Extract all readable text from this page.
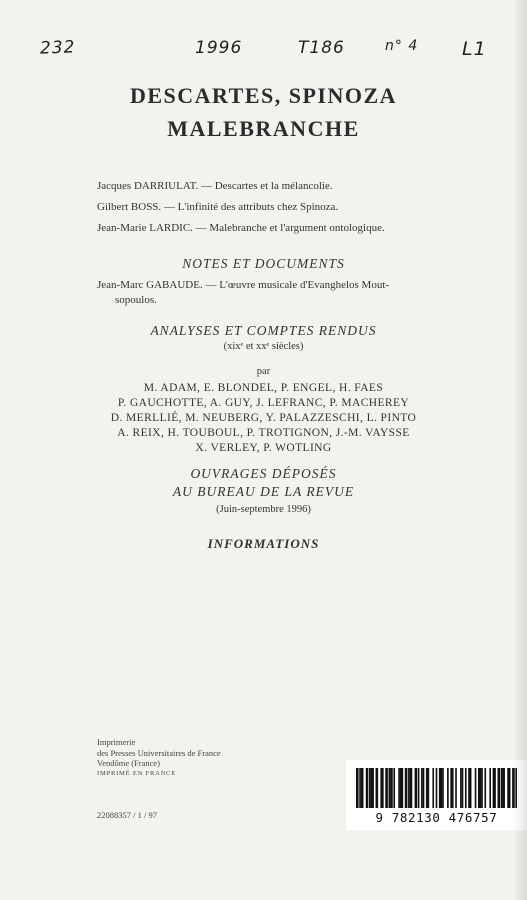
232	1996	T186	n° 4 L1
DESCARTES, SPINOZA
MALEBRANCHE
Jacques DARRIULAT. — Descartes et la mélancolie.
Gilbert BOSS. — L'infinité des attributs chez Spinoza.
Jean-Marie LARDIC. — Malebranche et l'argument ontologique.
NOTES ET DOCUMENTS
Jean-Marc GABAUDE. — L'œuvre musicale d'Evanghelos Mout-
sopoulos.
ANALYSES ET COMPTES RENDUS
(xixᵉ et xxᵉ siècles)
par
M. ADAM, E. BLONDEL, P. ENGEL, H. FAES
P. GAUCHOTTE, A. GUY, J. LEFRANC, P. MACHEREY
D. MERLLIÉ, M. NEUBERG, Y. PALAZZESCHI, L. PINTO
A. REIX, H. TOUBOUL, P. TROTIGNON, J.-M. VAYSSE
X. VERLEY, P. WOTLING
OUVRAGES DÉPOSÉS
AU BUREAU DE LA REVUE
(Juin-septembre 1996)
INFORMATIONS
Imprimerie
des Presses Universitaires de France
Vendôme (France)
IMPRIMÉ EN FRANCE
22088357 / 1 / 97	9 782130 476757
